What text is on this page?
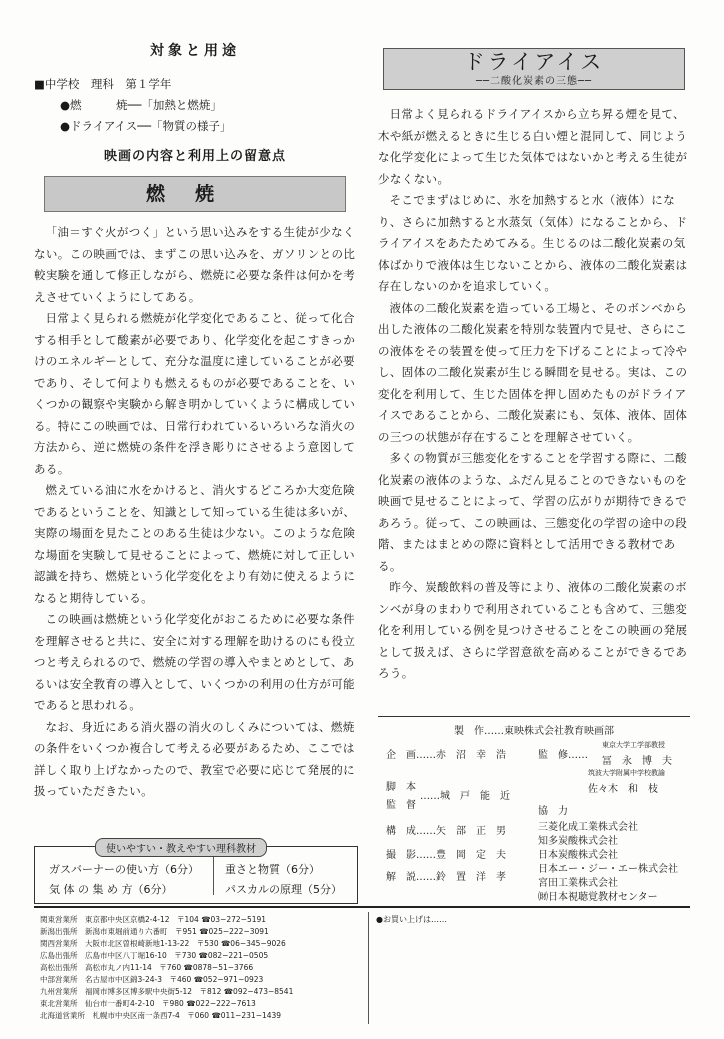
対象と用途
■中学校　理科　第１学年
●燃　　　焼──「加熱と燃焼」
●ドライアイス──「物質の様子」
映画の内容と利用上の留意点
燃焼

「油＝すぐ火がつく」という思い込みをする生徒が少なくない。この映画では、まずこの思い込みを、ガソリンとの比較実験を通して修正しながら、燃焼に必要な条件は何かを考えさせていくようにしてある。

日常よく見られる燃焼が化学変化であること、従って化合する相手として酸素が必要であり、化学変化を起こすきっかけのエネルギーとして、充分な温度に達していることが必要であり、そして何よりも燃えるものが必要であることを、いくつかの観察や実験から解き明かしていくように構成している。特にこの映画では、日常行われているいろいろな消火の方法から、逆に燃焼の条件を浮き彫りにさせるよう意図してある。

燃えている油に水をかけると、消火するどころか大変危険であるということを、知識として知っている生徒は多いが、実際の場面を見たことのある生徒は少ない。このような危険な場面を実験して見せることによって、燃焼に対して正しい認識を持ち、燃焼という化学変化をより有効に使えるようになると期待している。

この映画は燃焼という化学変化がおこるために必要な条件を理解させると共に、安全に対する理解を助けるのにも役立つと考えられるので、燃焼の学習の導入やまとめとして、あるいは安全教育の導入として、いくつかの利用の仕方が可能であると思われる。

なお、身近にある消火器の消火のしくみについては、燃焼の条件をいくつか複合して考える必要があるため、ここでは詳しく取り上げなかったので、教室で必要に応じて発展的に扱っていただきたい。

使いやすい・教えやすい理科教材
ガスバーナーの使い方（6分）
気 体 の 集 め 方（6分）
重さと物質（6分）
パスカルの原理（5分）
ドライアイス
──二酸化炭素の三態──

日常よく見られるドライアイスから立ち昇る煙を見て、木や紙が燃えるときに生じる白い煙と混同して、同じような化学変化によって生じた気体ではないかと考える生徒が少なくない。

そこでまずはじめに、氷を加熱すると水（液体）になり、さらに加熱すると水蒸気（気体）になることから、ドライアイスをあたためてみる。生じるのは二酸化炭素の気体ばかりで液体は生じないことから、液体の二酸化炭素は存在しないのかを追求していく。

液体の二酸化炭素を造っている工場と、そのボンベから出した液体の二酸化炭素を特別な装置内で見せ、さらにこの液体をその装置を使って圧力を下げることによって冷やし、固体の二酸化炭素が生じる瞬間を見せる。実は、この変化を利用して、生じた固体を押し固めたものがドライアイスであることから、二酸化炭素にも、気体、液体、固体の三つの状態が存在することを理解させていく。

多くの物質が三態変化をすることを学習する際に、二酸化炭素の液体のような、ふだん見ることのできないものを映画で見せることによって、学習の広がりが期待できるであろう。従って、この映画は、三態変化の学習の途中の段階、またはまとめの際に資料として活用できる教材である。

昨今、炭酸飲料の普及等により、液体の二酸化炭素のボンベが身のまわりで利用されていることも含めて、三態変化を利用している例を見つけさせることをこの映画の発展として扱えば、さらに学習意欲を高めることができるであろう。

製　作……東映株式会社教育映画部
企　画……赤　沼　幸　浩
脚　本
監　督
……城　戸　能　近
構　成……矢　部　正　男
撮　影……豊　岡　定　夫
解　説……鈴　置　洋　孝
監　修……
東京大学工学部教授
冨　永　博　夫
筑波大学附属中学校教諭
佐々木　和　枝
協　力
三菱化成工業株式会社
知多炭酸株式会社
日本炭酸株式会社
日本エー・ジー・エー株式会社
宮田工業株式会社
㈶日本視聴覚教材センター
関東営業所　東京都中央区京橋2-4-12　〒104 ☎03−272−5191
新潟出張所　新潟市東堀前通り六番町　〒951 ☎025−222−3091
関西営業所　大阪市北区曽根崎新地1-13-22　〒530 ☎06−345−9026
広島出張所　広島市中区八丁堀16-10　〒730 ☎082−221−0505
高松出張所　高松市丸ノ内11-14　〒760 ☎0878−51−3766
中部営業所　名古屋市中区錦3-24-3　〒460 ☎052−971−0923
九州営業所　福岡市博多区博多駅中央街5-12　〒812 ☎092−473−8541
東北営業所　仙台市一番町4-2-10　〒980 ☎022−222−7613
北海道営業所　札幌市中央区南一条西7-4　〒060 ☎011−231−1439
●お買い上げは……
